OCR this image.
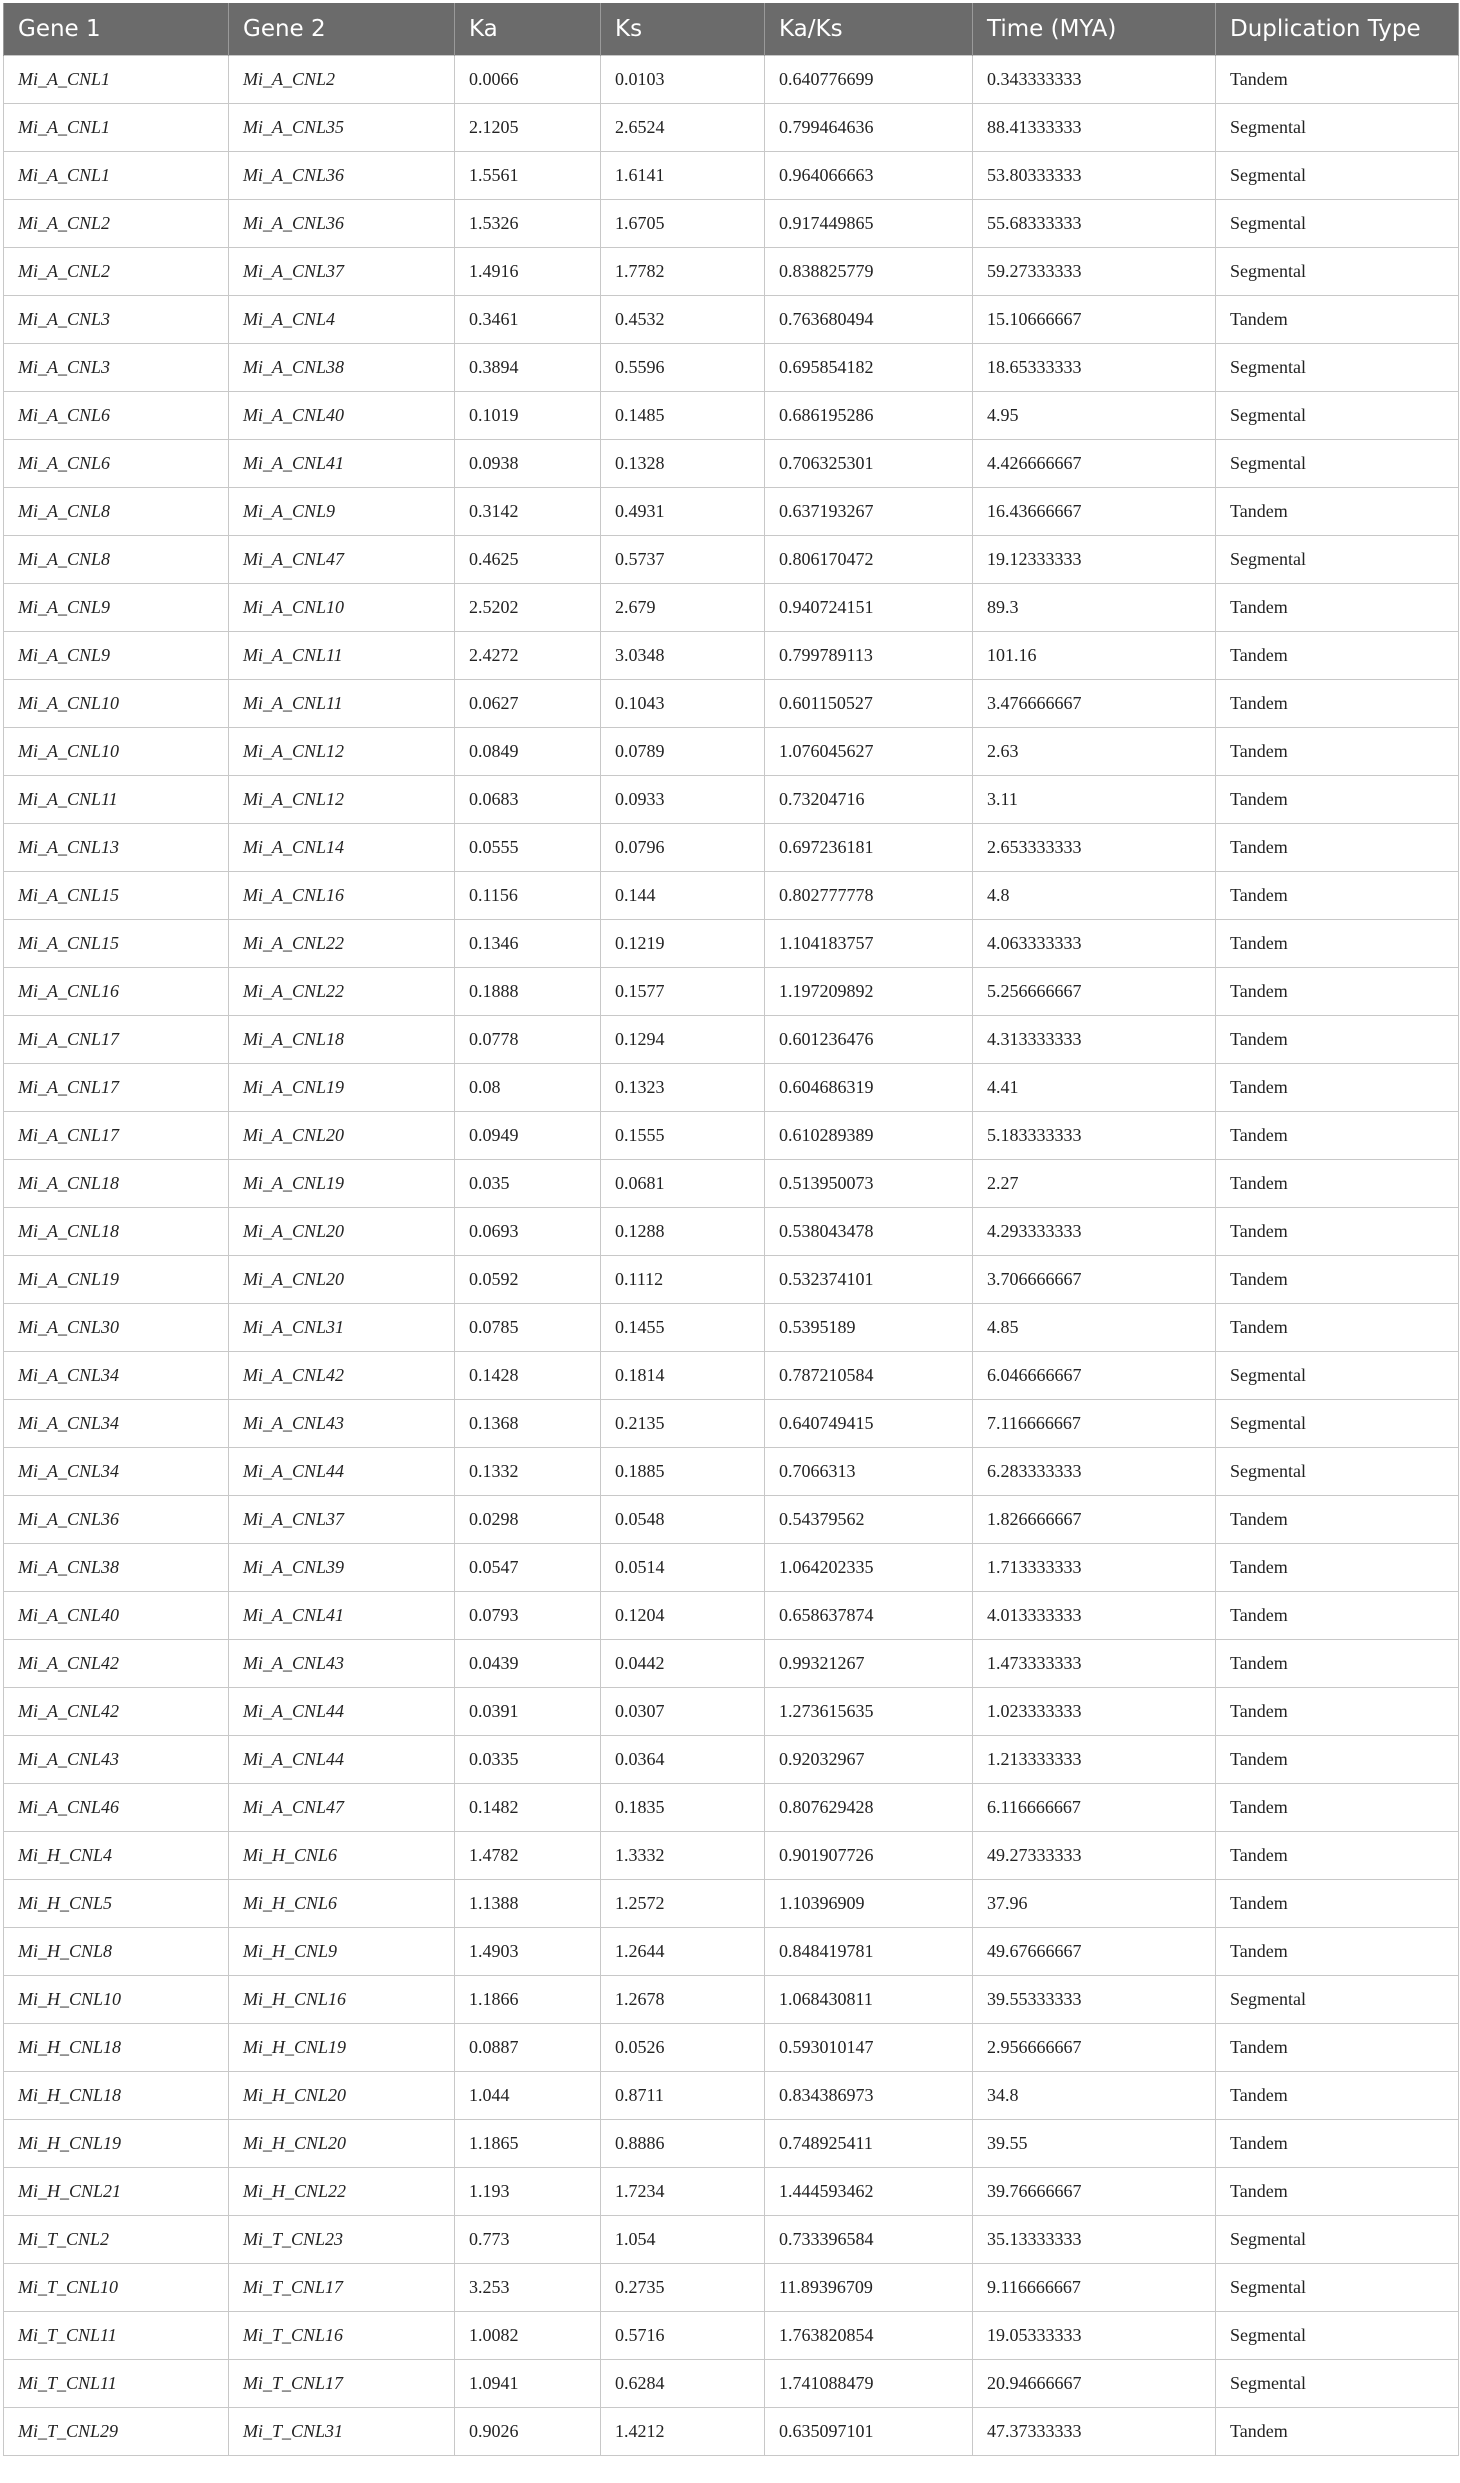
Gene 1	Gene 2	Ka	Ks	Ka/Ks	Time (MYA)	Duplication Type
Mi_A_CNL1	Mi_A_CNL2	0.0066	0.0103	0.640776699	0.343333333	Tandem
Mi_A_CNL1	Mi_A_CNL35	2.1205	2.6524	0.799464636	88.41333333	Segmental
Mi_A_CNL1	Mi_A_CNL36	1.5561	1.6141	0.964066663	53.80333333	Segmental
Mi_A_CNL2	Mi_A_CNL36	1.5326	1.6705	0.917449865	55.68333333	Segmental
Mi_A_CNL2	Mi_A_CNL37	1.4916	1.7782	0.838825779	59.27333333	Segmental
Mi_A_CNL3	Mi_A_CNL4	0.3461	0.4532	0.763680494	15.10666667	Tandem
Mi_A_CNL3	Mi_A_CNL38	0.3894	0.5596	0.695854182	18.65333333	Segmental
Mi_A_CNL6	Mi_A_CNL40	0.1019	0.1485	0.686195286	4.95	Segmental
Mi_A_CNL6	Mi_A_CNL41	0.0938	0.1328	0.706325301	4.426666667	Segmental
Mi_A_CNL8	Mi_A_CNL9	0.3142	0.4931	0.637193267	16.43666667	Tandem
Mi_A_CNL8	Mi_A_CNL47	0.4625	0.5737	0.806170472	19.12333333	Segmental
Mi_A_CNL9	Mi_A_CNL10	2.5202	2.679	0.940724151	89.3	Tandem
Mi_A_CNL9	Mi_A_CNL11	2.4272	3.0348	0.799789113	101.16	Tandem
Mi_A_CNL10	Mi_A_CNL11	0.0627	0.1043	0.601150527	3.476666667	Tandem
Mi_A_CNL10	Mi_A_CNL12	0.0849	0.0789	1.076045627	2.63	Tandem
Mi_A_CNL11	Mi_A_CNL12	0.0683	0.0933	0.73204716	3.11	Tandem
Mi_A_CNL13	Mi_A_CNL14	0.0555	0.0796	0.697236181	2.653333333	Tandem
Mi_A_CNL15	Mi_A_CNL16	0.1156	0.144	0.802777778	4.8	Tandem
Mi_A_CNL15	Mi_A_CNL22	0.1346	0.1219	1.104183757	4.063333333	Tandem
Mi_A_CNL16	Mi_A_CNL22	0.1888	0.1577	1.197209892	5.256666667	Tandem
Mi_A_CNL17	Mi_A_CNL18	0.0778	0.1294	0.601236476	4.313333333	Tandem
Mi_A_CNL17	Mi_A_CNL19	0.08	0.1323	0.604686319	4.41	Tandem
Mi_A_CNL17	Mi_A_CNL20	0.0949	0.1555	0.610289389	5.183333333	Tandem
Mi_A_CNL18	Mi_A_CNL19	0.035	0.0681	0.513950073	2.27	Tandem
Mi_A_CNL18	Mi_A_CNL20	0.0693	0.1288	0.538043478	4.293333333	Tandem
Mi_A_CNL19	Mi_A_CNL20	0.0592	0.1112	0.532374101	3.706666667	Tandem
Mi_A_CNL30	Mi_A_CNL31	0.0785	0.1455	0.5395189	4.85	Tandem
Mi_A_CNL34	Mi_A_CNL42	0.1428	0.1814	0.787210584	6.046666667	Segmental
Mi_A_CNL34	Mi_A_CNL43	0.1368	0.2135	0.640749415	7.116666667	Segmental
Mi_A_CNL34	Mi_A_CNL44	0.1332	0.1885	0.7066313	6.283333333	Segmental
Mi_A_CNL36	Mi_A_CNL37	0.0298	0.0548	0.54379562	1.826666667	Tandem
Mi_A_CNL38	Mi_A_CNL39	0.0547	0.0514	1.064202335	1.713333333	Tandem
Mi_A_CNL40	Mi_A_CNL41	0.0793	0.1204	0.658637874	4.013333333	Tandem
Mi_A_CNL42	Mi_A_CNL43	0.0439	0.0442	0.99321267	1.473333333	Tandem
Mi_A_CNL42	Mi_A_CNL44	0.0391	0.0307	1.273615635	1.023333333	Tandem
Mi_A_CNL43	Mi_A_CNL44	0.0335	0.0364	0.92032967	1.213333333	Tandem
Mi_A_CNL46	Mi_A_CNL47	0.1482	0.1835	0.807629428	6.116666667	Tandem
Mi_H_CNL4	Mi_H_CNL6	1.4782	1.3332	0.901907726	49.27333333	Tandem
Mi_H_CNL5	Mi_H_CNL6	1.1388	1.2572	1.10396909	37.96	Tandem
Mi_H_CNL8	Mi_H_CNL9	1.4903	1.2644	0.848419781	49.67666667	Tandem
Mi_H_CNL10	Mi_H_CNL16	1.1866	1.2678	1.068430811	39.55333333	Segmental
Mi_H_CNL18	Mi_H_CNL19	0.0887	0.0526	0.593010147	2.956666667	Tandem
Mi_H_CNL18	Mi_H_CNL20	1.044	0.8711	0.834386973	34.8	Tandem
Mi_H_CNL19	Mi_H_CNL20	1.1865	0.8886	0.748925411	39.55	Tandem
Mi_H_CNL21	Mi_H_CNL22	1.193	1.7234	1.444593462	39.76666667	Tandem
Mi_T_CNL2	Mi_T_CNL23	0.773	1.054	0.733396584	35.13333333	Segmental
Mi_T_CNL10	Mi_T_CNL17	3.253	0.2735	11.89396709	9.116666667	Segmental
Mi_T_CNL11	Mi_T_CNL16	1.0082	0.5716	1.763820854	19.05333333	Segmental
Mi_T_CNL11	Mi_T_CNL17	1.0941	0.6284	1.741088479	20.94666667	Segmental
Mi_T_CNL29	Mi_T_CNL31	0.9026	1.4212	0.635097101	47.37333333	Tandem
